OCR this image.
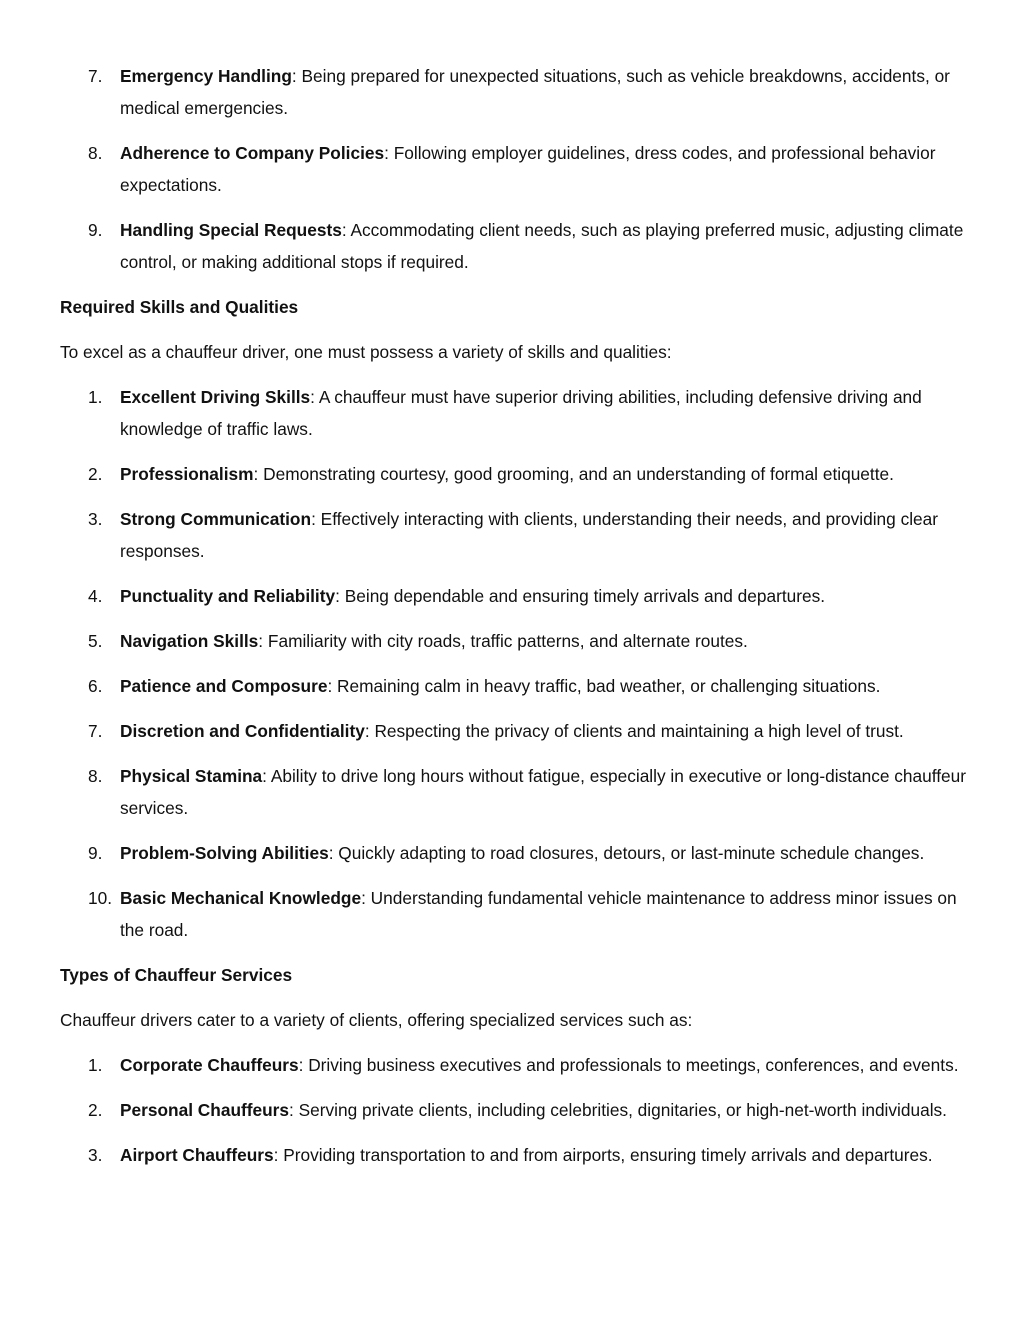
7.	Emergency Handling: Being prepared for unexpected situations, such as vehicle breakdowns, accidents, or medical emergencies.
8.	Adherence to Company Policies: Following employer guidelines, dress codes, and professional behavior expectations.
9.	Handling Special Requests: Accommodating client needs, such as playing preferred music, adjusting climate control, or making additional stops if required.
Required Skills and Qualities
To excel as a chauffeur driver, one must possess a variety of skills and qualities:
1.	Excellent Driving Skills: A chauffeur must have superior driving abilities, including defensive driving and knowledge of traffic laws.
2.	Professionalism: Demonstrating courtesy, good grooming, and an understanding of formal etiquette.
3.	Strong Communication: Effectively interacting with clients, understanding their needs, and providing clear responses.
4.	Punctuality and Reliability: Being dependable and ensuring timely arrivals and departures.
5.	Navigation Skills: Familiarity with city roads, traffic patterns, and alternate routes.
6.	Patience and Composure: Remaining calm in heavy traffic, bad weather, or challenging situations.
7.	Discretion and Confidentiality: Respecting the privacy of clients and maintaining a high level of trust.
8.	Physical Stamina: Ability to drive long hours without fatigue, especially in executive or long-distance chauffeur services.
9.	Problem-Solving Abilities: Quickly adapting to road closures, detours, or last-minute schedule changes.
10. Basic Mechanical Knowledge: Understanding fundamental vehicle maintenance to address minor issues on the road.
Types of Chauffeur Services
Chauffeur drivers cater to a variety of clients, offering specialized services such as:
1.	Corporate Chauffeurs: Driving business executives and professionals to meetings, conferences, and events.
2.	Personal Chauffeurs: Serving private clients, including celebrities, dignitaries, or high-net-worth individuals.
3.	Airport Chauffeurs: Providing transportation to and from airports, ensuring timely arrivals and departures.
